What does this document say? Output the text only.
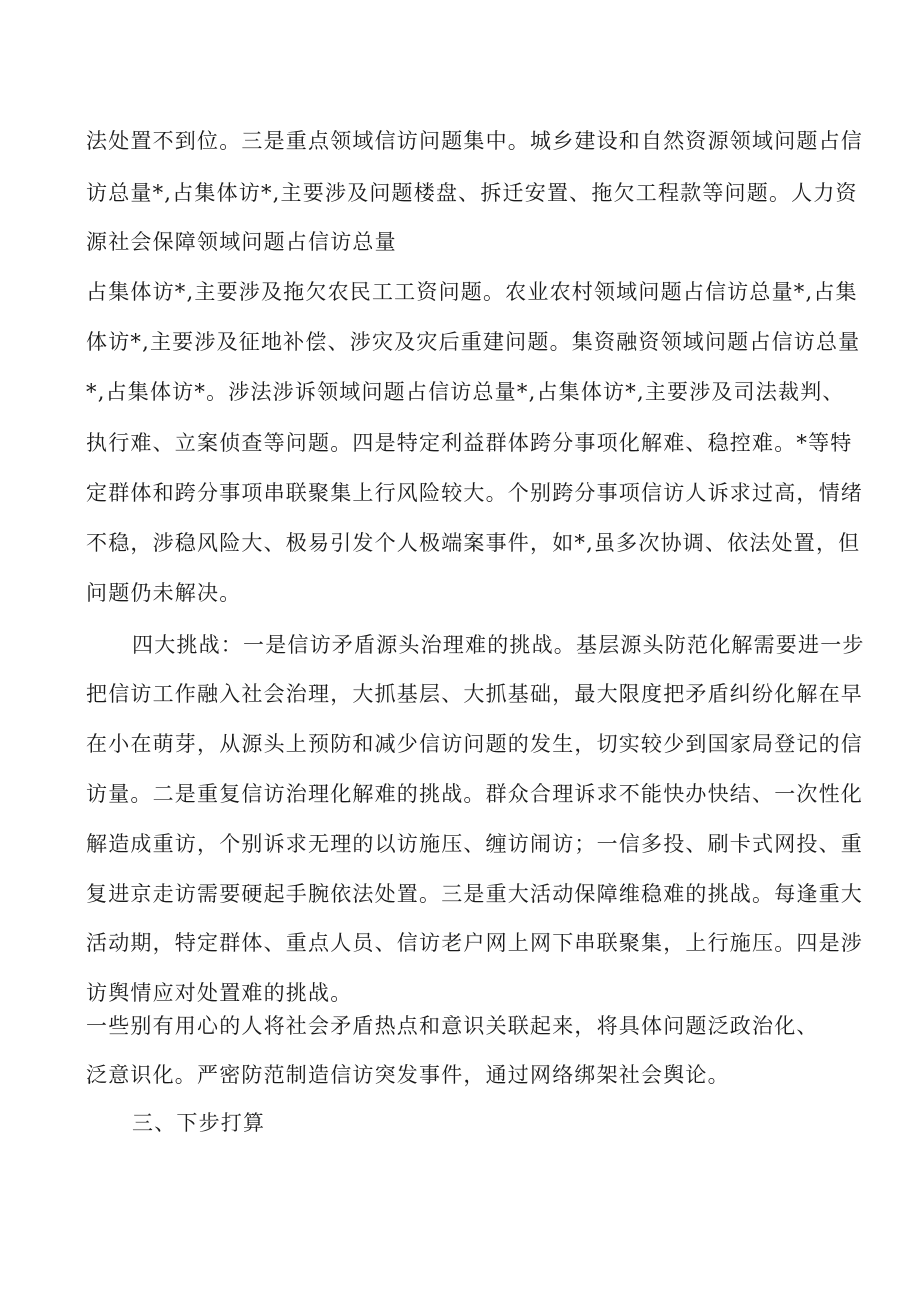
法处置不到位。三是重点领域信访问题集中。城乡建设和自然资源领域问题占信
访总量*,占集体访*,主要涉及问题楼盘、拆迁安置、拖欠工程款等问题。人力资
源社会保障领域问题占信访总量
占集体访*,主要涉及拖欠农民工工资问题。农业农村领域问题占信访总量*,占集
体访*,主要涉及征地补偿、涉灾及灾后重建问题。集资融资领域问题占信访总量
*,占集体访*。涉法涉诉领域问题占信访总量*,占集体访*,主要涉及司法裁判、
执行难、立案侦查等问题。四是特定利益群体跨分事项化解难、稳控难。*等特
定群体和跨分事项串联聚集上行风险较大。个别跨分事项信访人诉求过高，情绪
不稳，涉稳风险大、极易引发个人极端案事件，如*,虽多次协调、依法处置，但
问题仍未解决。
四大挑战：一是信访矛盾源头治理难的挑战。基层源头防范化解需要进一步
把信访工作融入社会治理，大抓基层、大抓基础，最大限度把矛盾纠纷化解在早
在小在萌芽，从源头上预防和减少信访问题的发生，切实较少到国家局登记的信
访量。二是重复信访治理化解难的挑战。群众合理诉求不能快办快结、一次性化
解造成重访，个别诉求无理的以访施压、缠访闹访；一信多投、刷卡式网投、重
复进京走访需要硬起手腕依法处置。三是重大活动保障维稳难的挑战。每逢重大
活动期，特定群体、重点人员、信访老户网上网下串联聚集，上行施压。四是涉
访舆情应对处置难的挑战。
一些别有用心的人将社会矛盾热点和意识关联起来，将具体问题泛政治化、
泛意识化。严密防范制造信访突发事件，通过网络绑架社会舆论。
三、下步打算
